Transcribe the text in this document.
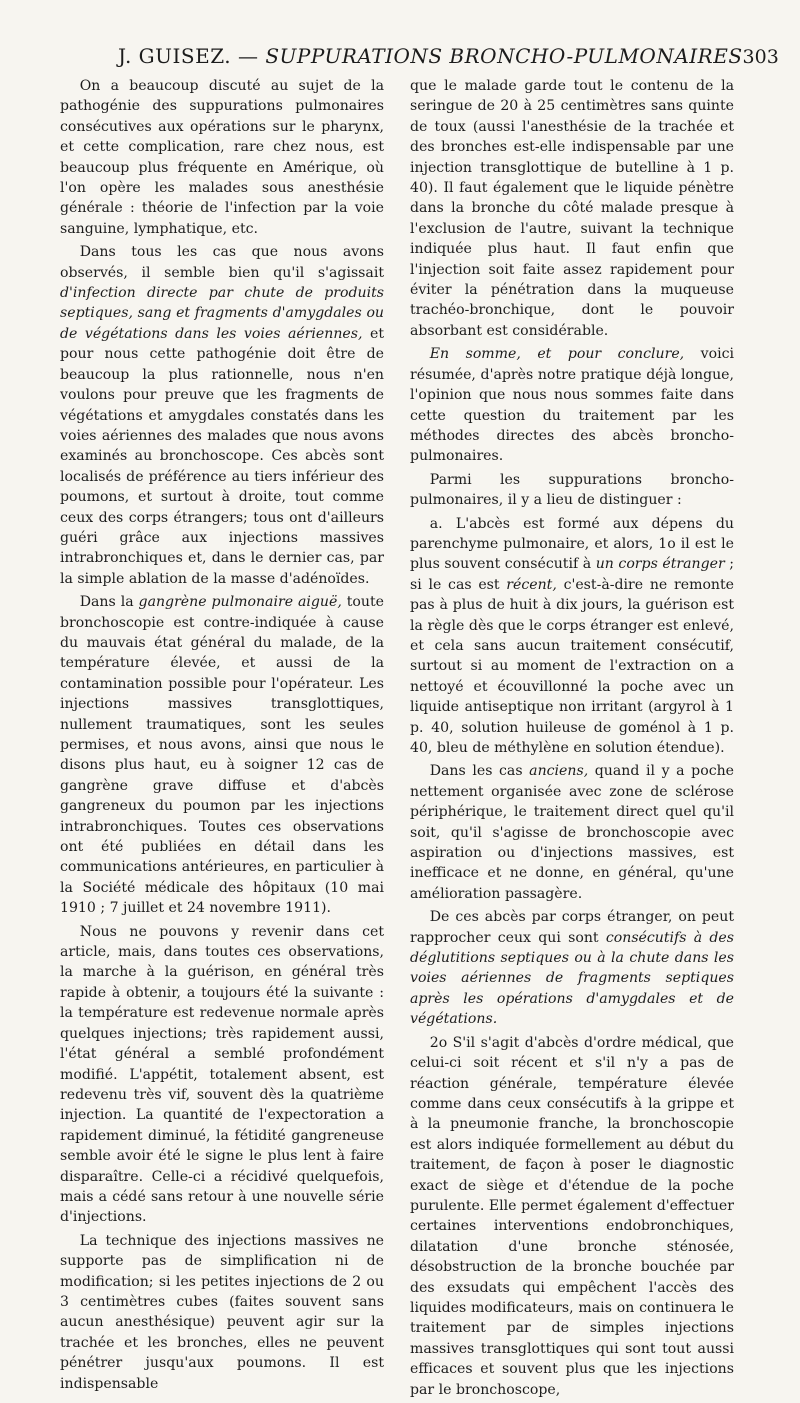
J. GUISEZ. — SUPPURATIONS BRONCHO-PULMONAIRES 303

On a beaucoup discuté au sujet de la pathogénie des suppurations pulmonaires consécutives aux opérations sur le pharynx, et cette complication, rare chez nous, est beaucoup plus fréquente en Amérique, où l'on opère les malades sous anesthésie générale : théorie de l'infection par la voie sanguine, lymphatique, etc.

Dans tous les cas que nous avons observés, il semble bien qu'il s'agissait d'infection directe par chute de produits septiques, sang et fragments d'amygdales ou de végétations dans les voies aériennes, et pour nous cette pathogénie doit être de beaucoup la plus rationnelle, nous n'en voulons pour preuve que les fragments de végétations et amygdales constatés dans les voies aériennes des malades que nous avons examinés au bronchoscope. Ces abcès sont localisés de préférence au tiers inférieur des poumons, et surtout à droite, tout comme ceux des corps étrangers; tous ont d'ailleurs guéri grâce aux injections massives intrabronchiques et, dans le dernier cas, par la simple ablation de la masse d'adénoïdes.

Dans la gangrène pulmonaire aiguë, toute bronchoscopie est contre-indiquée à cause du mauvais état général du malade, de la température élevée, et aussi de la contamination possible pour l'opérateur. Les injections massives transglottiques, nullement traumatiques, sont les seules permises, et nous avons, ainsi que nous le disons plus haut, eu à soigner 12 cas de gangrène grave diffuse et d'abcès gangreneux du poumon par les injections intrabronchiques. Toutes ces observations ont été publiées en détail dans les communications antérieures, en particulier à la Société médicale des hôpitaux (10 mai 1910 ; 7 juillet et 24 novembre 1911).

Nous ne pouvons y revenir dans cet article, mais, dans toutes ces observations, la marche à la guérison, en général très rapide à obtenir, a toujours été la suivante : la température est redevenue normale après quelques injections; très rapidement aussi, l'état général a semblé profondément modifié. L'appétit, totalement absent, est redevenu très vif, souvent dès la quatrième injection. La quantité de l'expectoration a rapidement diminué, la fétidité gangreneuse semble avoir été le signe le plus lent à faire disparaître. Celle-ci a récidivé quelquefois, mais a cédé sans retour à une nouvelle série d'injections.

La technique des injections massives ne supporte pas de simplification ni de modification; si les petites injections de 2 ou 3 centimètres cubes (faites souvent sans aucun anesthésique) peuvent agir sur la trachée et les bronches, elles ne peuvent pénétrer jusqu'aux poumons. Il est indispensable

que le malade garde tout le contenu de la seringue de 20 à 25 centimètres sans quinte de toux (aussi l'anesthésie de la trachée et des bronches est-elle indispensable par une injection transglottique de butelline à 1 p. 40). Il faut également que le liquide pénètre dans la bronche du côté malade presque à l'exclusion de l'autre, suivant la technique indiquée plus haut. Il faut enfin que l'injection soit faite assez rapidement pour éviter la pénétration dans la muqueuse trachéo-bronchique, dont le pouvoir absorbant est considérable.

En somme, et pour conclure, voici résumée, d'après notre pratique déjà longue, l'opinion que nous nous sommes faite dans cette question du traitement par les méthodes directes des abcès broncho-pulmonaires.

Parmi les suppurations broncho-pulmonaires, il y a lieu de distinguer :

a. L'abcès est formé aux dépens du parenchyme pulmonaire, et alors, 1o il est le plus souvent consécutif à un corps étranger ; si le cas est récent, c'est-à-dire ne remonte pas à plus de huit à dix jours, la guérison est la règle dès que le corps étranger est enlevé, et cela sans aucun traitement consécutif, surtout si au moment de l'extraction on a nettoyé et écouvillonné la poche avec un liquide antiseptique non irritant (argyrol à 1 p. 40, solution huileuse de goménol à 1 p. 40, bleu de méthylène en solution étendue).

Dans les cas anciens, quand il y a poche nettement organisée avec zone de sclérose périphérique, le traitement direct quel qu'il soit, qu'il s'agisse de bronchoscopie avec aspiration ou d'injections massives, est inefficace et ne donne, en général, qu'une amélioration passagère.

De ces abcès par corps étranger, on peut rapprocher ceux qui sont consécutifs à des déglutitions septiques ou à la chute dans les voies aériennes de fragments septiques après les opérations d'amygdales et de végétations.

2o S'il s'agit d'abcès d'ordre médical, que celui-ci soit récent et s'il n'y a pas de réaction générale, température élevée comme dans ceux consécutifs à la grippe et à la pneumonie franche, la bronchoscopie est alors indiquée formellement au début du traitement, de façon à poser le diagnostic exact de siège et d'étendue de la poche purulente. Elle permet également d'effectuer certaines interventions endobronchiques, dilatation d'une bronche sténosée, désobstruction de la bronche bouchée par des exsudats qui empêchent l'accès des liquides modificateurs, mais on continuera le traitement par de simples injections massives transglottiques qui sont tout aussi efficaces et souvent plus que les injections par le bronchoscope,
